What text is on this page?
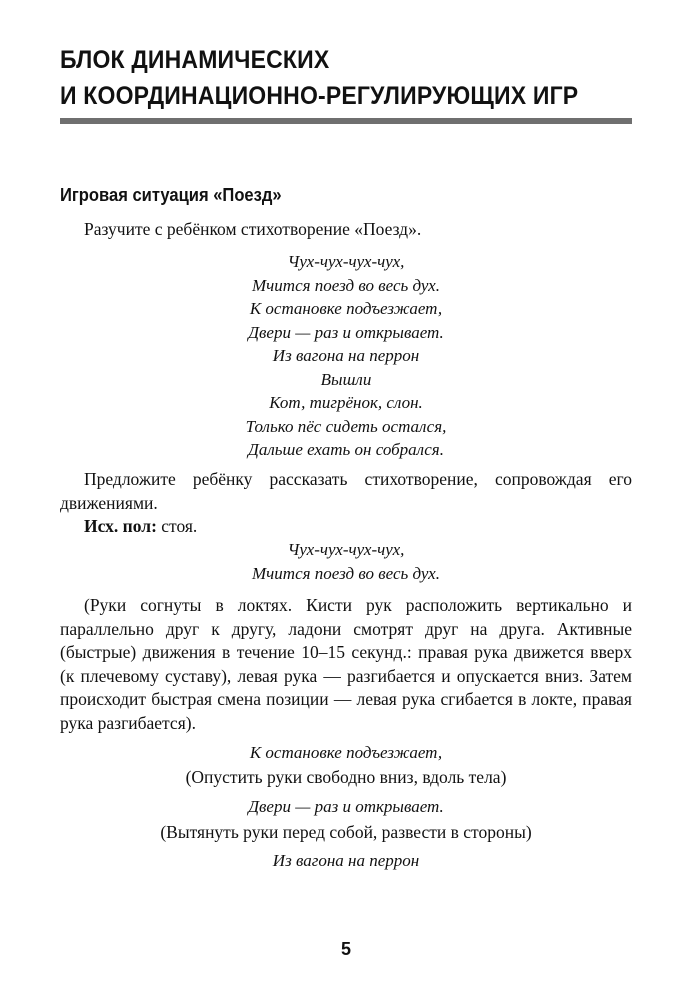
БЛОК ДИНАМИЧЕСКИХ
И КООРДИНАЦИОННО-РЕГУЛИРУЮЩИХ ИГР
Игровая ситуация «Поезд»

Разучите с ребёнком стихотворение «Поезд».

Чух-чух-чух-чух,
Мчится поезд во весь дух.
К остановке подъезжает,
Двери — раз и открывает.
Из вагона на перрон
Вышли
Кот, тигрёнок, слон.
Только пёс сидеть остался,
Дальше ехать он собрался.

Предложите ребёнку рассказать стихотворение, сопровождая его движениями.

Исх. пол: стоя.

Чух-чух-чух-чух,
Мчится поезд во весь дух.

(Руки согнуты в локтях. Кисти рук расположить вертикально и параллельно друг к другу, ладони смотрят друг на друга. Активные (быстрые) движения в течение 10–15 секунд.: правая рука движется вверх (к плечевому суставу), левая рука — разгибается и опускается вниз. Затем происходит быстрая смена позиции — левая рука сгибается в локте, правая рука разгибается).

К остановке подъезжает,
(Опустить руки свободно вниз, вдоль тела)
Двери — раз и открывает.
(Вытянуть руки перед собой, развести в стороны)
Из вагона на перрон
5
